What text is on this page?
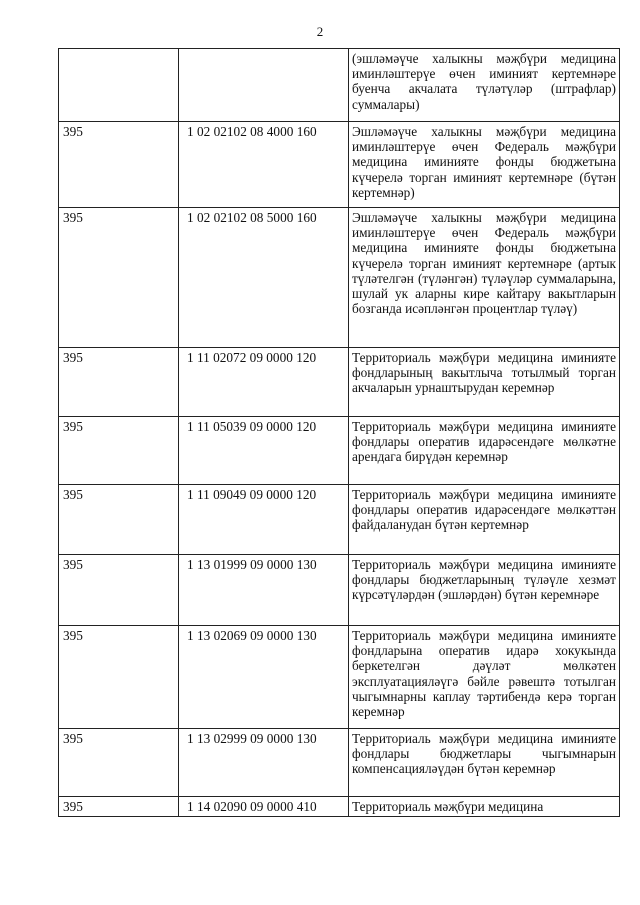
2
		(эшләмәүче халыкны мәҗбүри медицина иминләштерүе өчен иминият кертемнәре буенча акчалата түләтүләр (штрафлар) суммалары)
395	1 02 02102 08 4000 160	Эшләмәүче халыкны мәҗбүри медицина иминләштерүе өчен Федераль мәҗбүри медицина иминияте фонды бюджетына күчерелә торган иминият кертемнәре (бүтән кертемнәр)
395	1 02 02102 08 5000 160	Эшләмәүче халыкны мәҗбүри медицина иминләштерүе өчен Федераль мәҗбүри медицина иминияте фонды бюджетына күчерелә торган иминият кертемнәре (артык түләтелгән (түләнгән) түләүләр суммаларына, шулай ук аларны кире кайтару вакытларын бозганда исәпләнгән процентлар түләү)
395	1 11 02072 09 0000 120	Территориаль мәҗбүри медицина иминияте фондларының вакытлыча тотылмый торган акчаларын урнаштырудан керемнәр
395	1 11 05039 09 0000 120	Территориаль мәҗбүри медицина иминияте фондлары оператив идарәсендәге мөлкәтне арендага бирүдән керемнәр
395	1 11 09049 09 0000 120	Территориаль мәҗбүри медицина иминияте фондлары оператив идарәсендәге мөлкәттән файдаланудан бүтән кертемнәр
395	1 13 01999 09 0000 130	Территориаль мәҗбүри медицина иминияте фондлары бюджетларының түләүле хезмәт күрсәтүләрдән (эшләрдән) бүтән керемнәре
395	1 13 02069 09 0000 130	Территориаль мәҗбүри медицина иминияте фондларына оператив идарә хокукында беркетелгән дәүләт мөлкәтен эксплуатацияләүгә бәйле рәвештә тотылган чыгымнарны каплау тәртибендә керә торган керемнәр
395	1 13 02999 09 0000 130	Территориаль мәҗбүри медицина иминияте фондлары бюджетлары чыгымнарын компенсацияләүдән бүтән керемнәр
395	1 14 02090 09 0000 410	Территориаль мәҗбүри медицина
